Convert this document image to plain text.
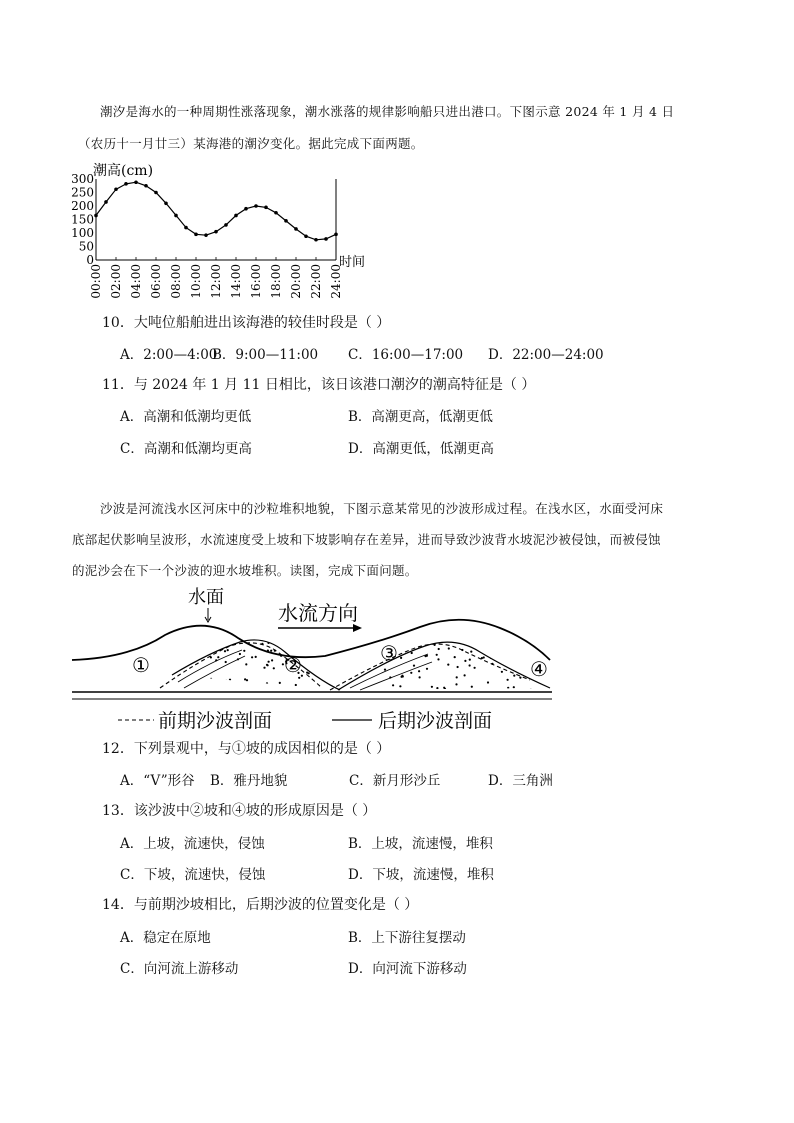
潮汐是海水的一种周期性涨落现象，潮水涨落的规律影响船只进出港口。下图示意 2024 年 1 月 4 日
（农历十一月廿三）某海港的潮汐变化。据此完成下面两题。
潮高(cm)
时间
300
250
200
150
100
50
0
00:00 02:00 04:00 06:00 08:00 10:00 12:00 14:00 16:00 18:00 20:00 22:00 24:00
10．大吨位船舶进出该海港的较佳时段是（ ）
A．2:00—4:00
B．9:00—11:00 C．16:00—17:00 D．22:00—24:00
11．与 2024 年 1 月 11 日相比，该日该港口潮汐的潮高特征是（ ）
A．高潮和低潮均更低	B．高潮更高，低潮更低
C．高潮和低潮均更高	D．高潮更低，低潮更高
沙波是河流浅水区河床中的沙粒堆积地貌，下图示意某常见的沙波形成过程。在浅水区，水面受河床
底部起伏影响呈波形，水流速度受上坡和下坡影响存在差异，进而导致沙波背水坡泥沙被侵蚀，而被侵蚀
的泥沙会在下一个沙波的迎水坡堆积。读图，完成下面问题。
水面
水流方向
①	②	③
④
前期沙波剖面	后期沙波剖面
12．下列景观中，与①坡的成因相似的是（ ）
A．“V”形谷 B．雅丹地貌	C．新月形沙丘	D．三角洲
13．该沙波中②坡和④坡的形成原因是（ ）
A．上坡，流速快，侵蚀	B．上坡，流速慢，堆积
C．下坡，流速快，侵蚀	D．下坡，流速慢，堆积
14．与前期沙坡相比，后期沙波的位置变化是（ ）
A．稳定在原地	B．上下游往复摆动
C．向河流上游移动	D．向河流下游移动
